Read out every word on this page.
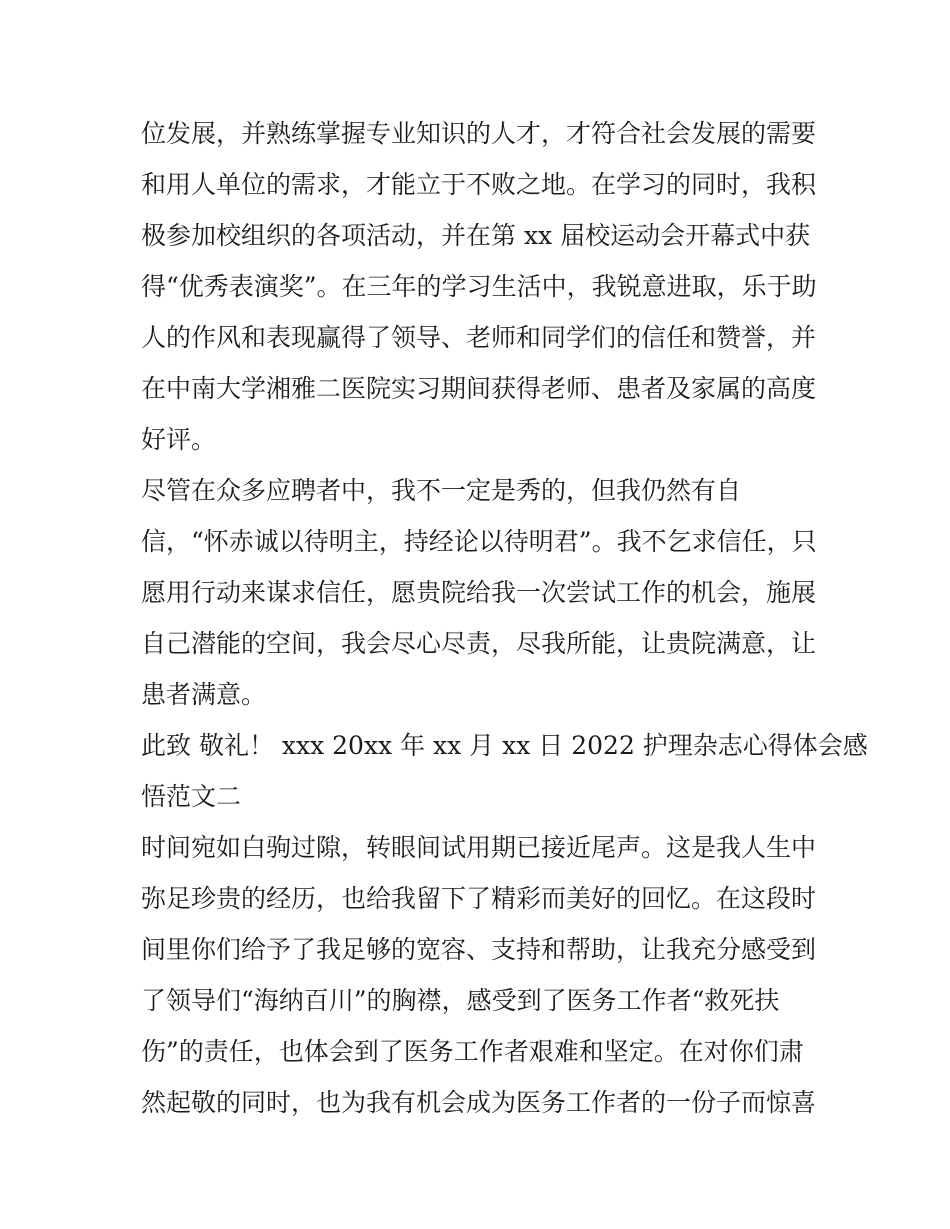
位发展，并熟练掌握专业知识的人才，才符合社会发展的需要
和用人单位的需求，才能立于不败之地。在学习的同时，我积
极参加校组织的各项活动，并在第 xx 届校运动会开幕式中获
得“优秀表演奖”。在三年的学习生活中，我锐意进取，乐于助
人的作风和表现赢得了领导、老师和同学们的信任和赞誉，并
在中南大学湘雅二医院实习期间获得老师、患者及家属的高度
好评。
尽管在众多应聘者中，我不一定是秀的，但我仍然有自
信，“怀赤诚以待明主，持经论以待明君”。我不乞求信任，只
愿用行动来谋求信任，愿贵院给我一次尝试工作的机会，施展
自己潜能的空间，我会尽心尽责，尽我所能，让贵院满意，让
患者满意。
此致 敬礼！ xxx 20xx 年 xx 月 xx 日 2022 护理杂志心得体会感
悟范文二
时间宛如白驹过隙，转眼间试用期已接近尾声。这是我人生中
弥足珍贵的经历，也给我留下了精彩而美好的回忆。在这段时
间里你们给予了我足够的宽容、支持和帮助，让我充分感受到
了领导们“海纳百川”的胸襟，感受到了医务工作者“救死扶
伤”的责任，也体会到了医务工作者艰难和坚定。在对你们肃
然起敬的同时，也为我有机会成为医务工作者的一份子而惊喜
